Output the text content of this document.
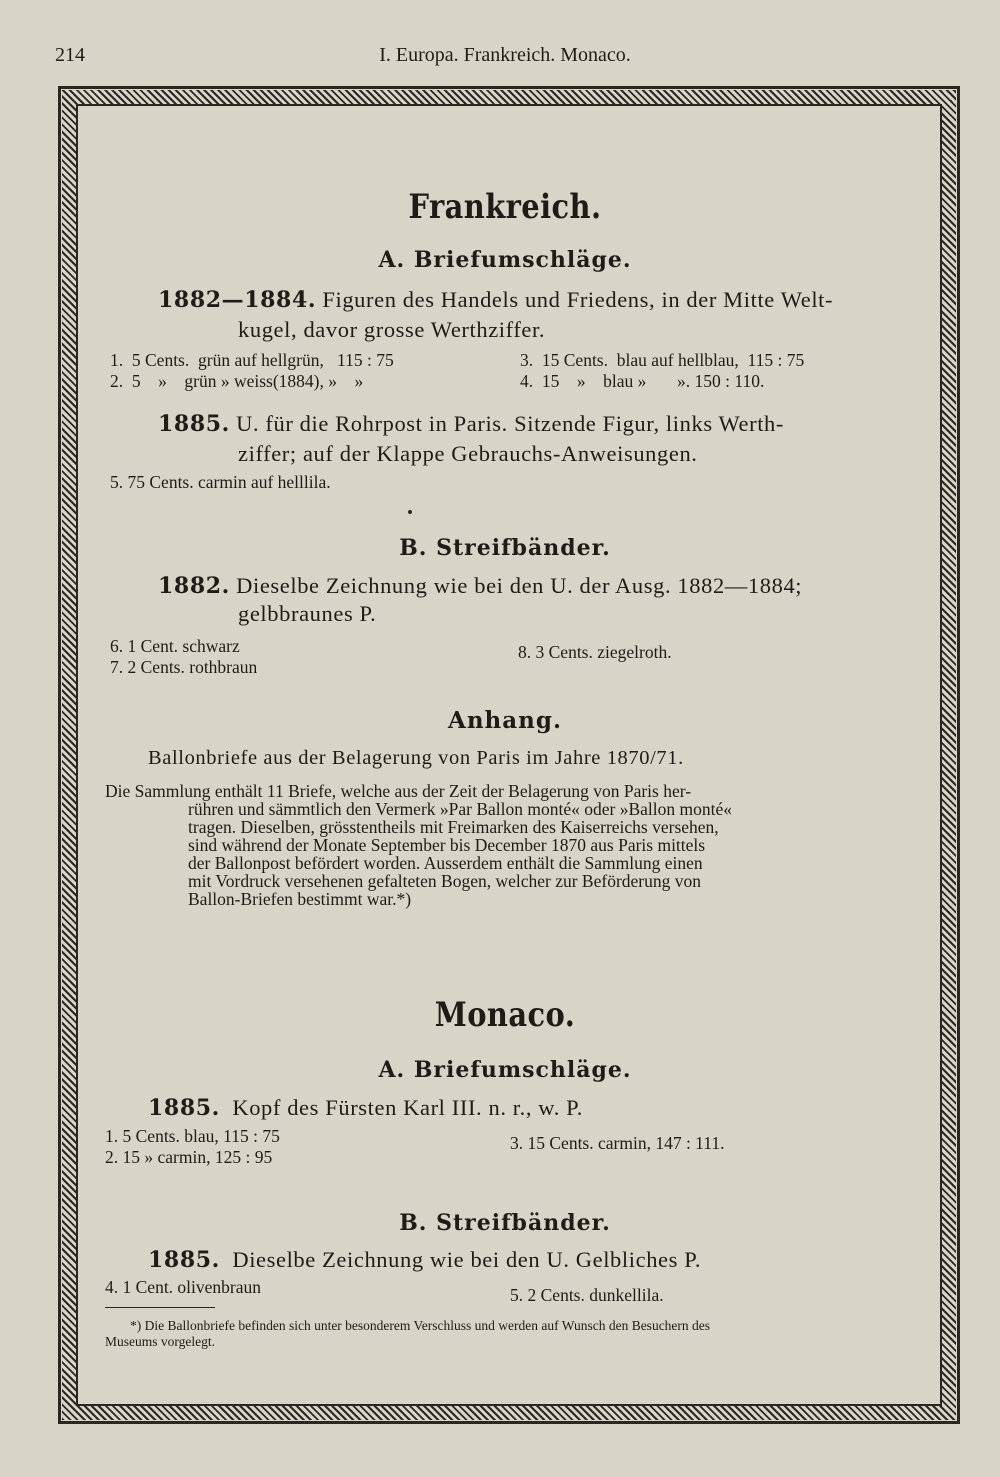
214	I. Europa. Frankreich. Monaco.
Frankreich.
A. Briefumschläge.
1882—1884. Figuren des Handels und Friedens, in der Mitte Welt-
kugel, davor grosse Werthziffer.
1. 5 Cents. grün auf hellgrün, 115 : 75
2. 5 » grün » weiss(1884), » »
3. 15 Cents. blau auf hellblau, 115 : 75
4. 15 » blau » ». 150 : 110.
1885. U. für die Rohrpost in Paris. Sitzende Figur, links Werth-
ziffer; auf der Klappe Gebrauchs-Anweisungen.
5. 75 Cents. carmin auf helllila.
B. Streifbänder.
1882. Dieselbe Zeichnung wie bei den U. der Ausg. 1882—1884;
gelbbraunes P.
6. 1 Cent. schwarz
7. 2 Cents. rothbraun
8. 3 Cents. ziegelroth.
Anhang.
Ballonbriefe aus der Belagerung von Paris im Jahre 1870/71.
Die Sammlung enthält 11 Briefe, welche aus der Zeit der Belagerung von Paris her-
rühren und sämmtlich den Vermerk »Par Ballon monté« oder »Ballon monté«
tragen. Dieselben, grösstentheils mit Freimarken des Kaiserreichs versehen,
sind während der Monate September bis December 1870 aus Paris mittels
der Ballonpost befördert worden. Ausserdem enthält die Sammlung einen
mit Vordruck versehenen gefalteten Bogen, welcher zur Beförderung von
Ballon-Briefen bestimmt war.*)
Monaco.
A. Briefumschläge.
1885. Kopf des Fürsten Karl III. n. r., w. P.
1. 5 Cents. blau, 115 : 75
2. 15 » carmin, 125 : 95
3. 15 Cents. carmin, 147 : 111.
B. Streifbänder.
1885. Dieselbe Zeichnung wie bei den U. Gelbliches P.
4. 1 Cent. olivenbraun	5. 2 Cents. dunkellila.
*) Die Ballonbriefe befinden sich unter besonderem Verschluss und werden auf Wunsch den Besuchern des
Museums vorgelegt.
